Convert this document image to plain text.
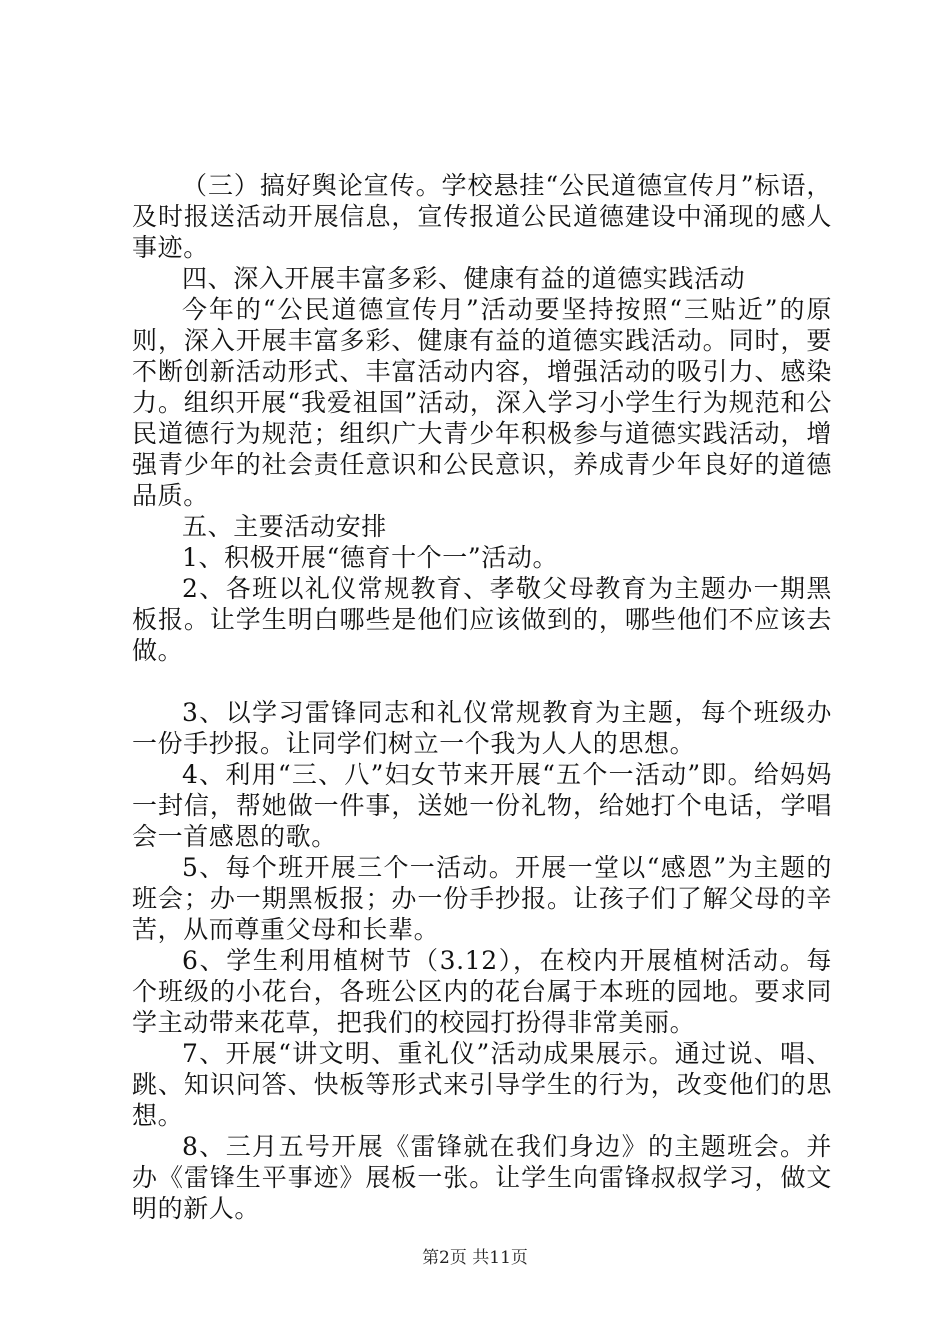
（三）搞好舆论宣传。学校悬挂“公民道德宣传月”标语，及时报送活动开展信息，宣传报道公民道德建设中涌现的感人事迹。

四、深入开展丰富多彩、健康有益的道德实践活动

今年的“公民道德宣传月”活动要坚持按照“三贴近”的原则，深入开展丰富多彩、健康有益的道德实践活动。同时，要不断创新活动形式、丰富活动内容，增强活动的吸引力、感染力。组织开展“我爱祖国”活动，深入学习小学生行为规范和公民道德行为规范；组织广大青少年积极参与道德实践活动，增强青少年的社会责任意识和公民意识，养成青少年良好的道德品质。

五、主要活动安排

1、积极开展“德育十个一”活动。

2、各班以礼仪常规教育、孝敬父母教育为主题办一期黑板报。让学生明白哪些是他们应该做到的，哪些他们不应该去做。

3、以学习雷锋同志和礼仪常规教育为主题，每个班级办一份手抄报。让同学们树立一个我为人人的思想。

4、利用“三、八”妇女节来开展“五个一活动”即。给妈妈一封信，帮她做一件事，送她一份礼物，给她打个电话，学唱会一首感恩的歌。

5、每个班开展三个一活动。开展一堂以“感恩”为主题的班会；办一期黑板报；办一份手抄报。让孩子们了解父母的辛苦，从而尊重父母和长辈。

6、学生利用植树节（3.12），在校内开展植树活动。每个班级的小花台，各班公区内的花台属于本班的园地。要求同学主动带来花草，把我们的校园打扮得非常美丽。

7、开展“讲文明、重礼仪”活动成果展示。通过说、唱、跳、知识问答、快板等形式来引导学生的行为，改变他们的思想。

8、三月五号开展《雷锋就在我们身边》的主题班会。并办《雷锋生平事迹》展板一张。让学生向雷锋叔叔学习，做文明的新人。

第2页 共11页
